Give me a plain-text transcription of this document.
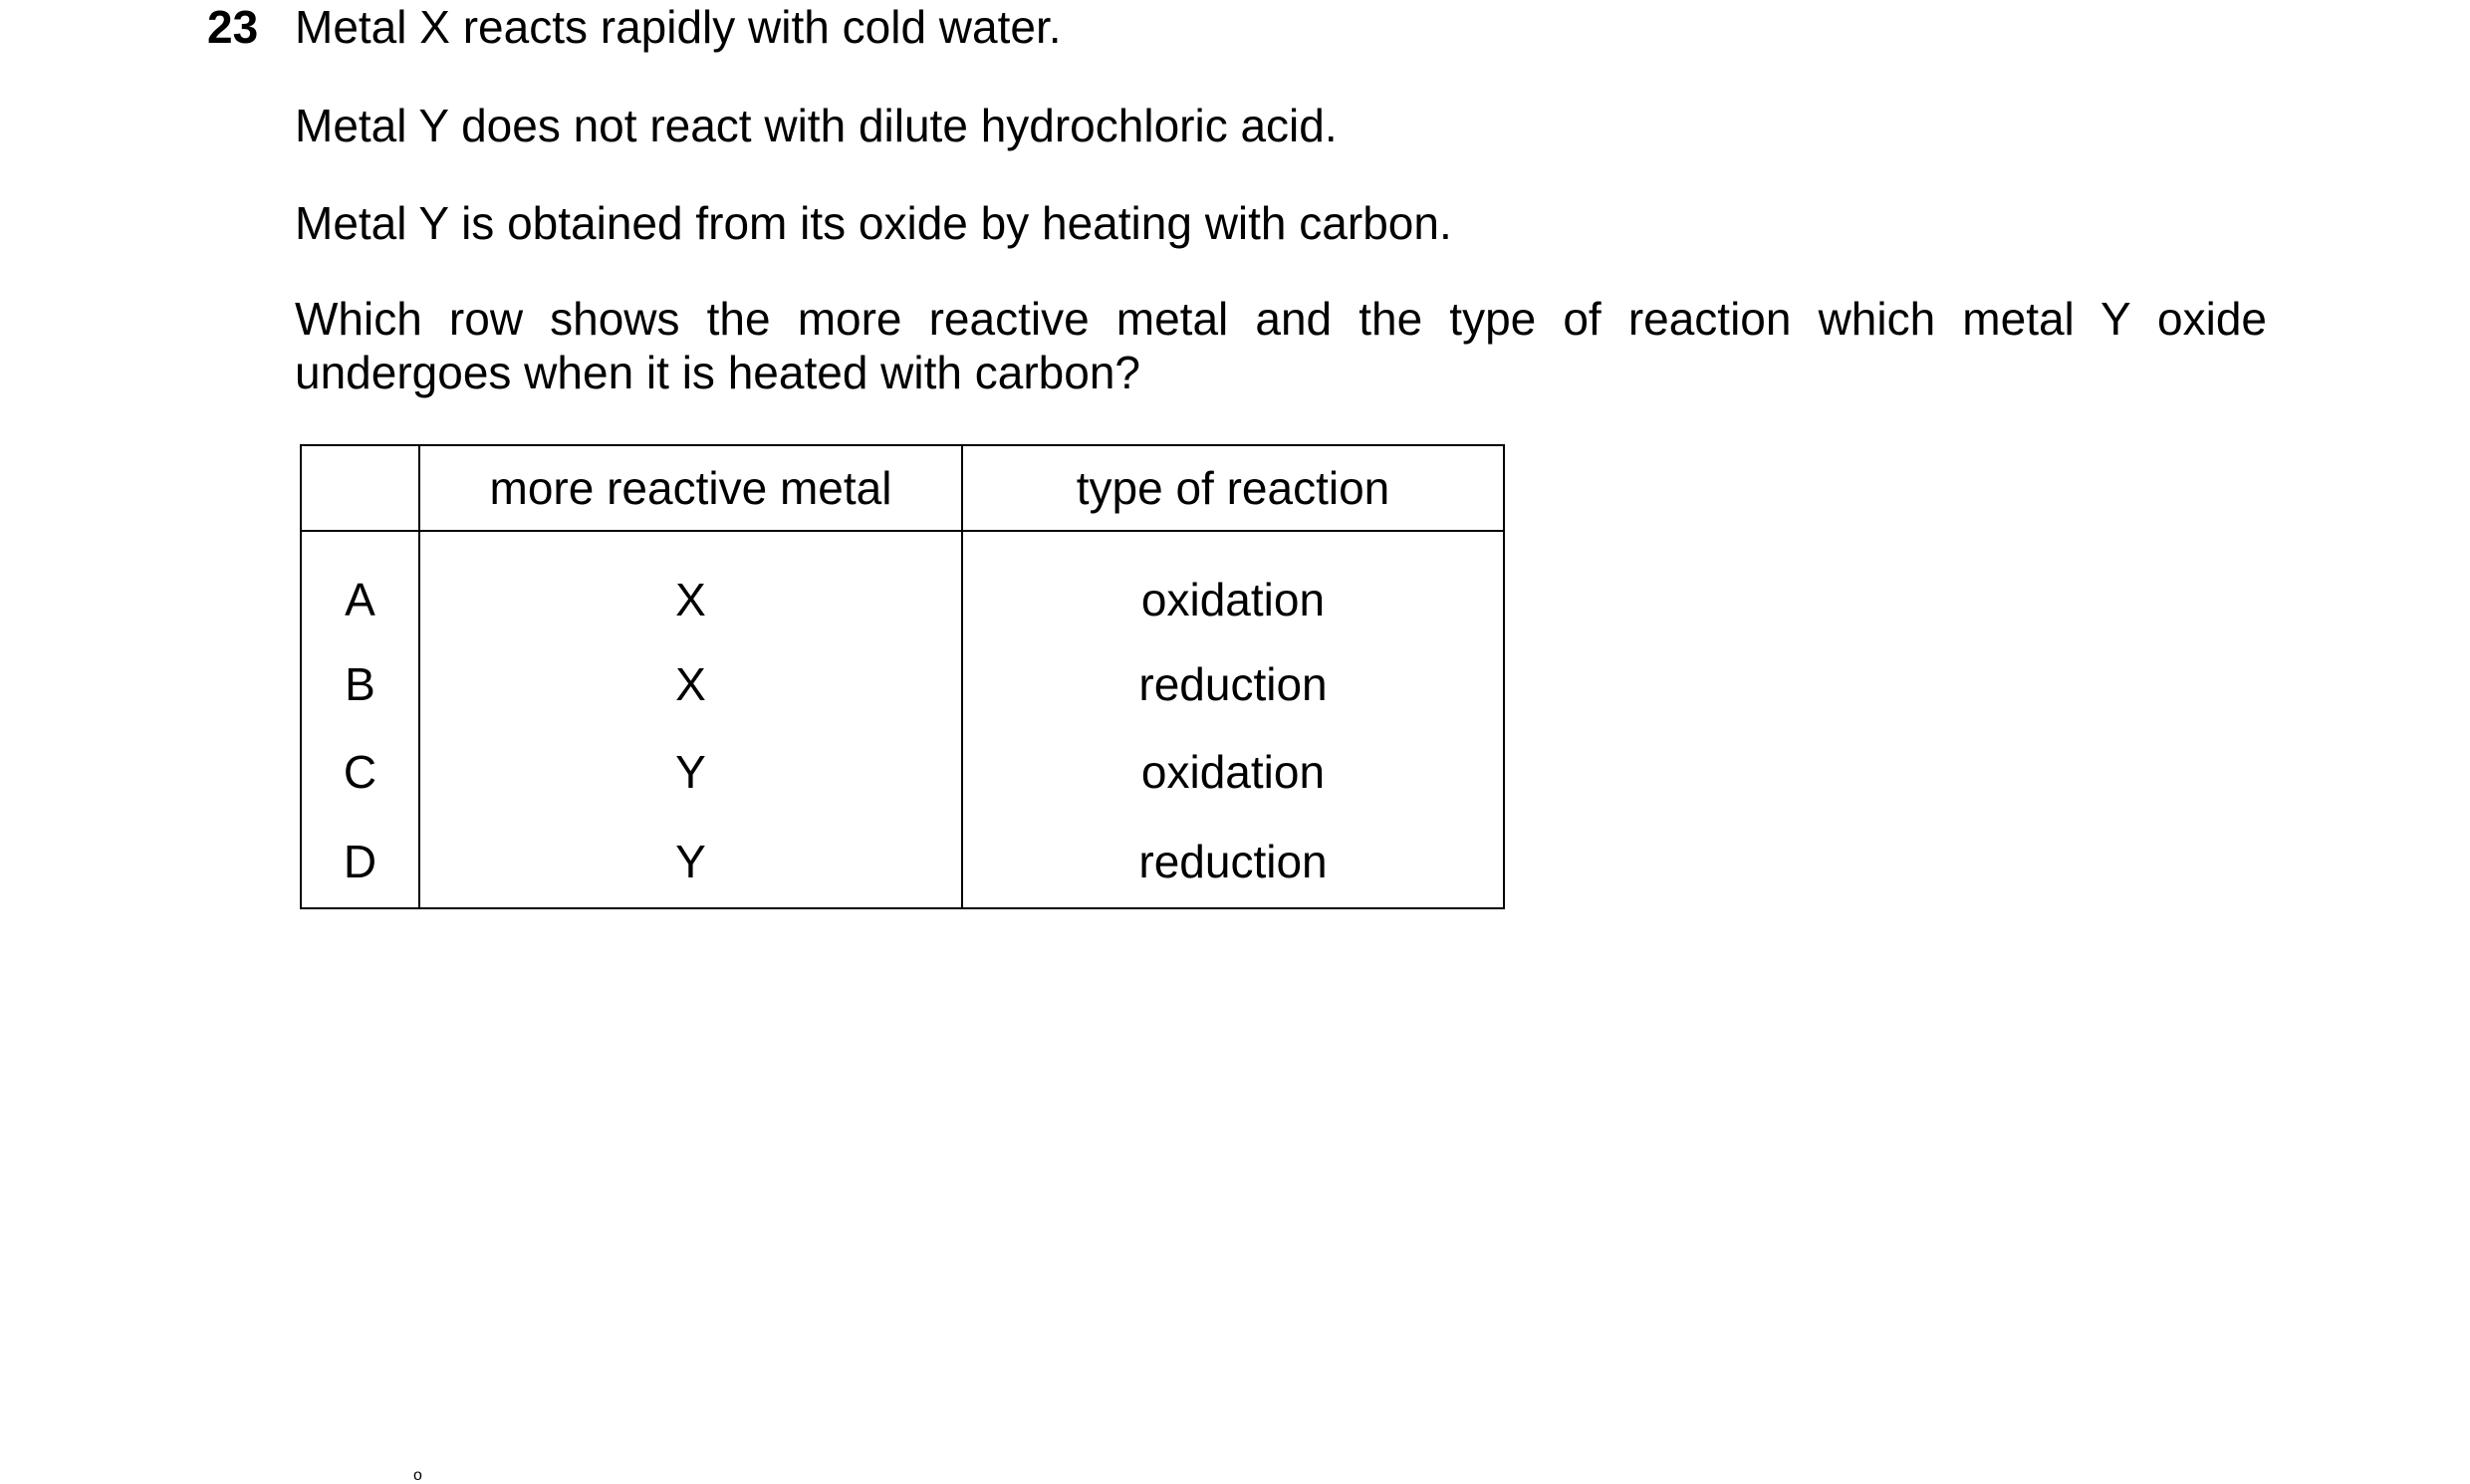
23 Metal X reacts rapidly with cold water.
Metal Y does not react with dilute hydrochloric acid.
Metal Y is obtained from its oxide by heating with carbon.
Which row shows the more reactive metal and the type of reaction which metal Y oxide undergoes when it is heated with carbon?
	more reactive metal	type of reaction
A	X	oxidation
B	X	reduction
C	Y	oxidation
D	Y	reduction
o
